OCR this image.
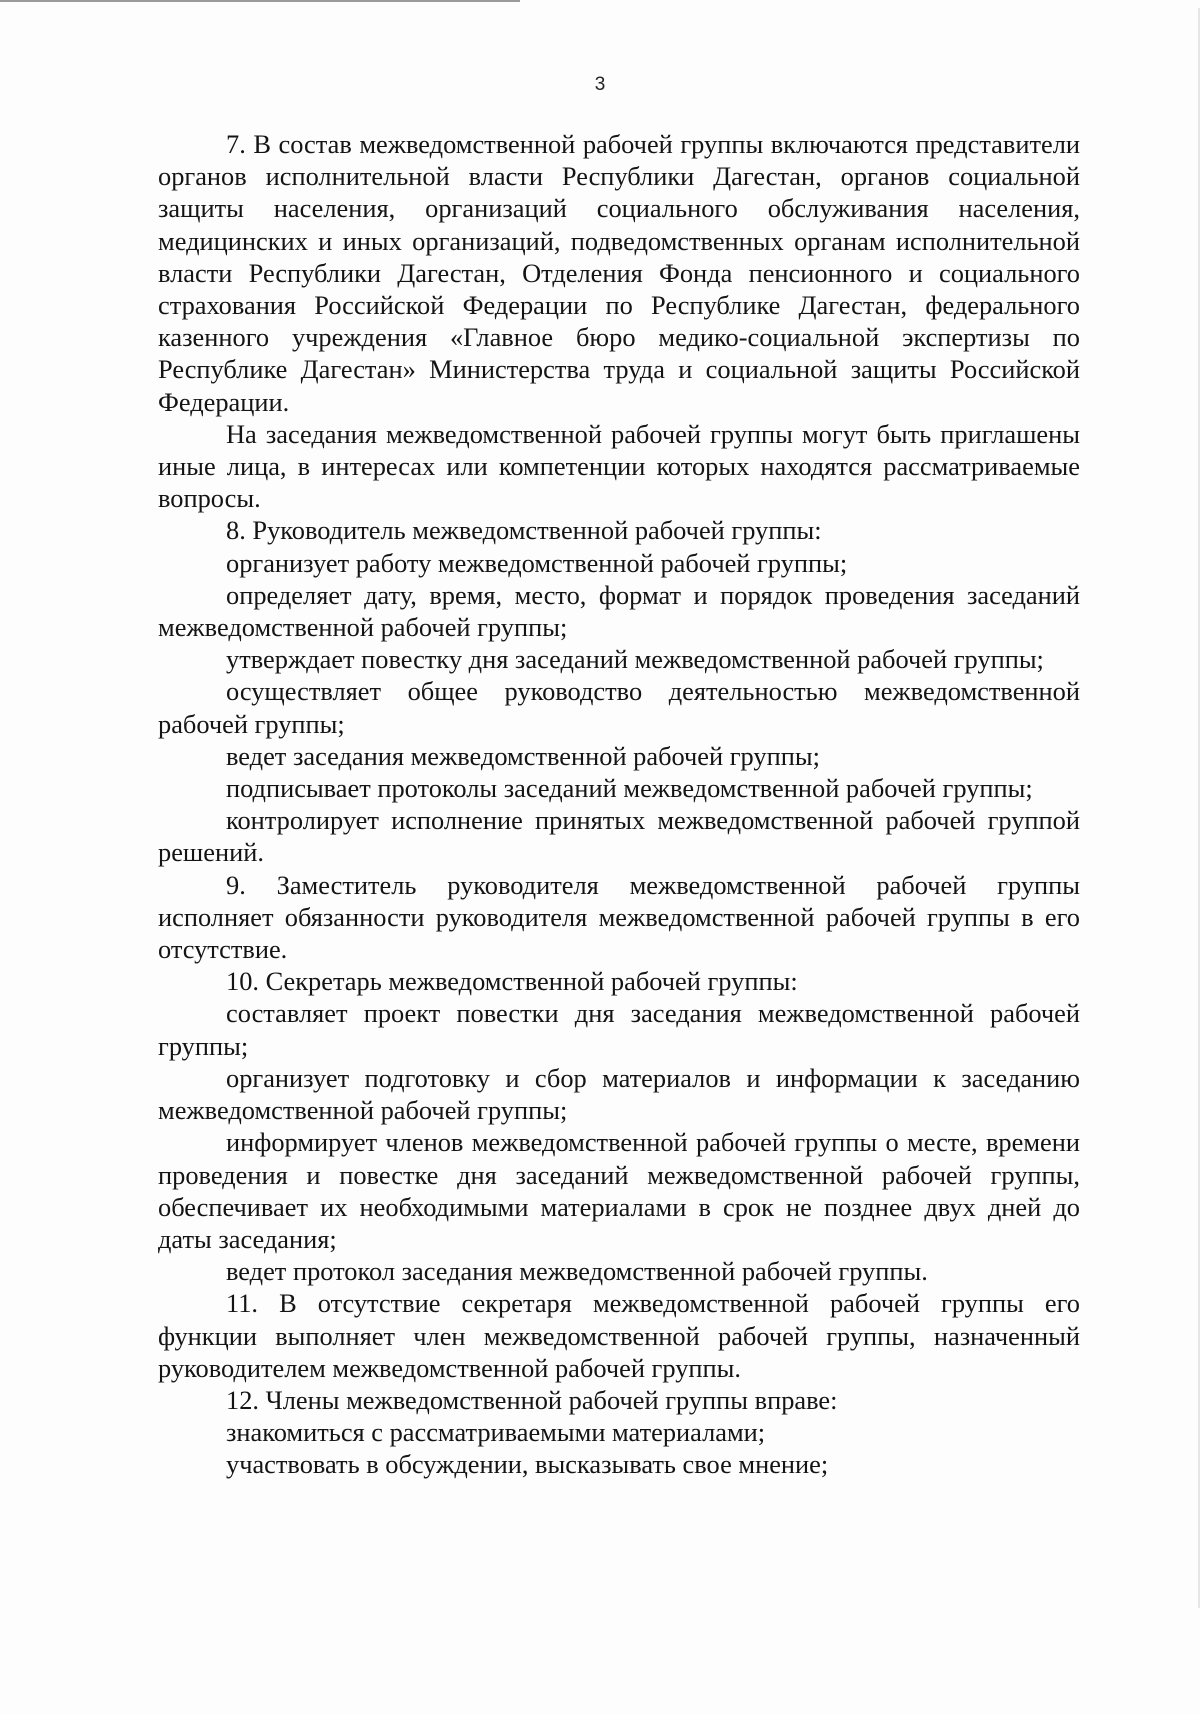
3

7. В состав межведомственной рабочей группы включаются представители органов исполнительной власти Республики Дагестан, органов социальной защиты населения, организаций социального обслуживания населения, медицинских и иных организаций, подведомственных органам исполнительной власти Республики Дагестан, Отделения Фонда пенсионного и социального страхования Российской Федерации по Республике Дагестан, федерального казенного учреждения «Главное бюро медико-социальной экспертизы по Республике Дагестан» Министерства труда и социальной защиты Российской Федерации.

На заседания межведомственной рабочей группы могут быть приглашены иные лица, в интересах или компетенции которых находятся рассматриваемые вопросы.

8. Руководитель межведомственной рабочей группы:

организует работу межведомственной рабочей группы;

определяет дату, время, место, формат и порядок проведения заседаний межведомственной рабочей группы;

утверждает повестку дня заседаний межведомственной рабочей группы;

осуществляет общее руководство деятельностью межведомственной рабочей группы;

ведет заседания межведомственной рабочей группы;

подписывает протоколы заседаний межведомственной рабочей группы;

контролирует исполнение принятых межведомственной рабочей группой решений.

9. Заместитель руководителя межведомственной рабочей группы исполняет обязанности руководителя межведомственной рабочей группы в его отсутствие.

10. Секретарь межведомственной рабочей группы:

составляет проект повестки дня заседания межведомственной рабочей группы;

организует подготовку и сбор материалов и информации к заседанию межведомственной рабочей группы;

информирует членов межведомственной рабочей группы о месте, времени проведения и повестке дня заседаний межведомственной рабочей группы, обеспечивает их необходимыми материалами в срок не позднее двух дней до даты заседания;

ведет протокол заседания межведомственной рабочей группы.

11. В отсутствие секретаря межведомственной рабочей группы его функции выполняет член межведомственной рабочей группы, назначенный руководителем межведомственной рабочей группы.

12. Члены межведомственной рабочей группы вправе:

знакомиться с рассматриваемыми материалами;

участвовать в обсуждении, высказывать свое мнение;
